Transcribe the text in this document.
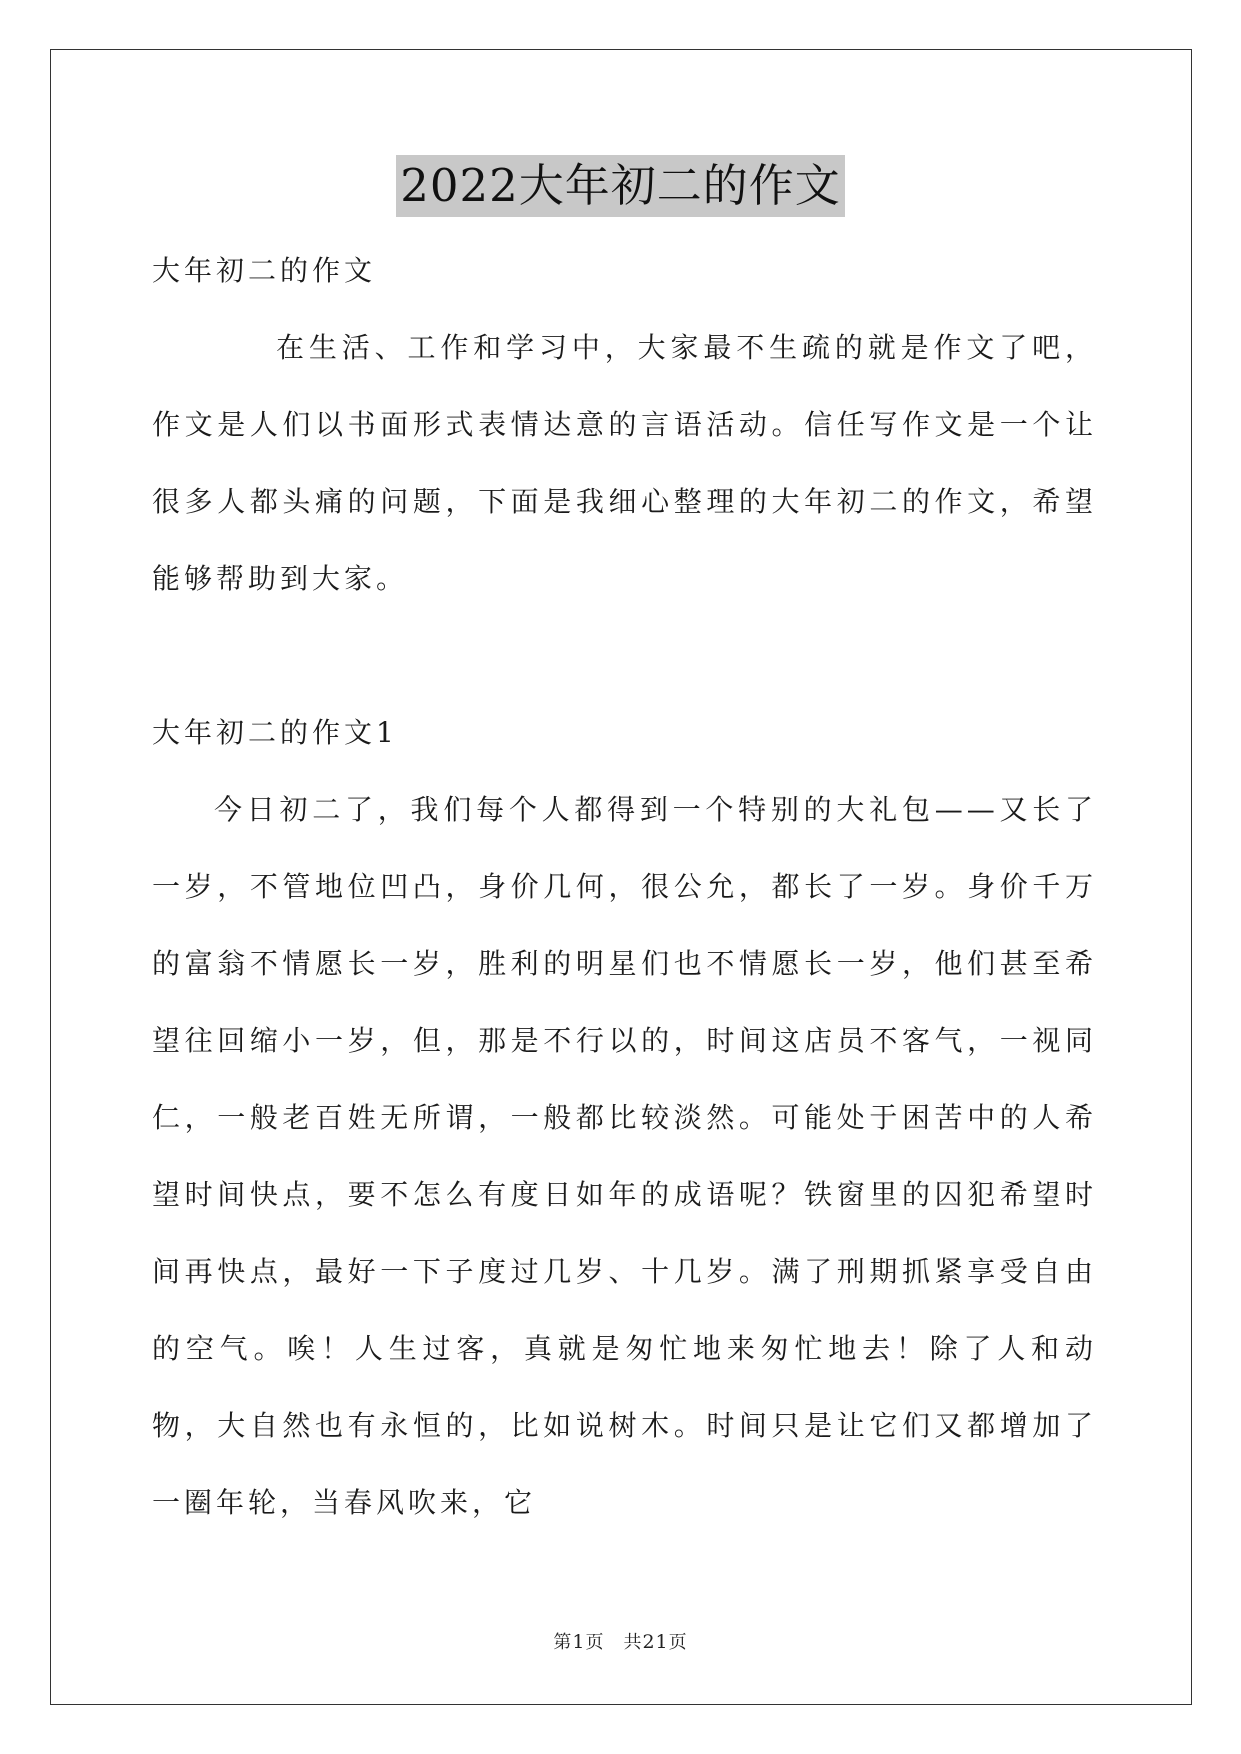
2022大年初二的作文

大年初二的作文

在生活、工作和学习中，大家最不生疏的就是作文了吧，作文是人们以书面形式表情达意的言语活动。信任写作文是一个让很多人都头痛的问题，下面是我细心整理的大年初二的作文，希望能够帮助到大家。

大年初二的作文1

今日初二了，我们每个人都得到一个特别的大礼包——又长了一岁，不管地位凹凸，身价几何，很公允，都长了一岁。身价千万的富翁不情愿长一岁，胜利的明星们也不情愿长一岁，他们甚至希望往回缩小一岁，但，那是不行以的，时间这店员不客气，一视同仁，一般老百姓无所谓，一般都比较淡然。可能处于困苦中的人希望时间快点，要不怎么有度日如年的成语呢？铁窗里的囚犯希望时间再快点，最好一下子度过几岁、十几岁。满了刑期抓紧享受自由的空气。唉！人生过客，真就是匆忙地来匆忙地去！除了人和动物，大自然也有永恒的，比如说树木。时间只是让它们又都增加了一圈年轮，当春风吹来，它

第1页　共21页
